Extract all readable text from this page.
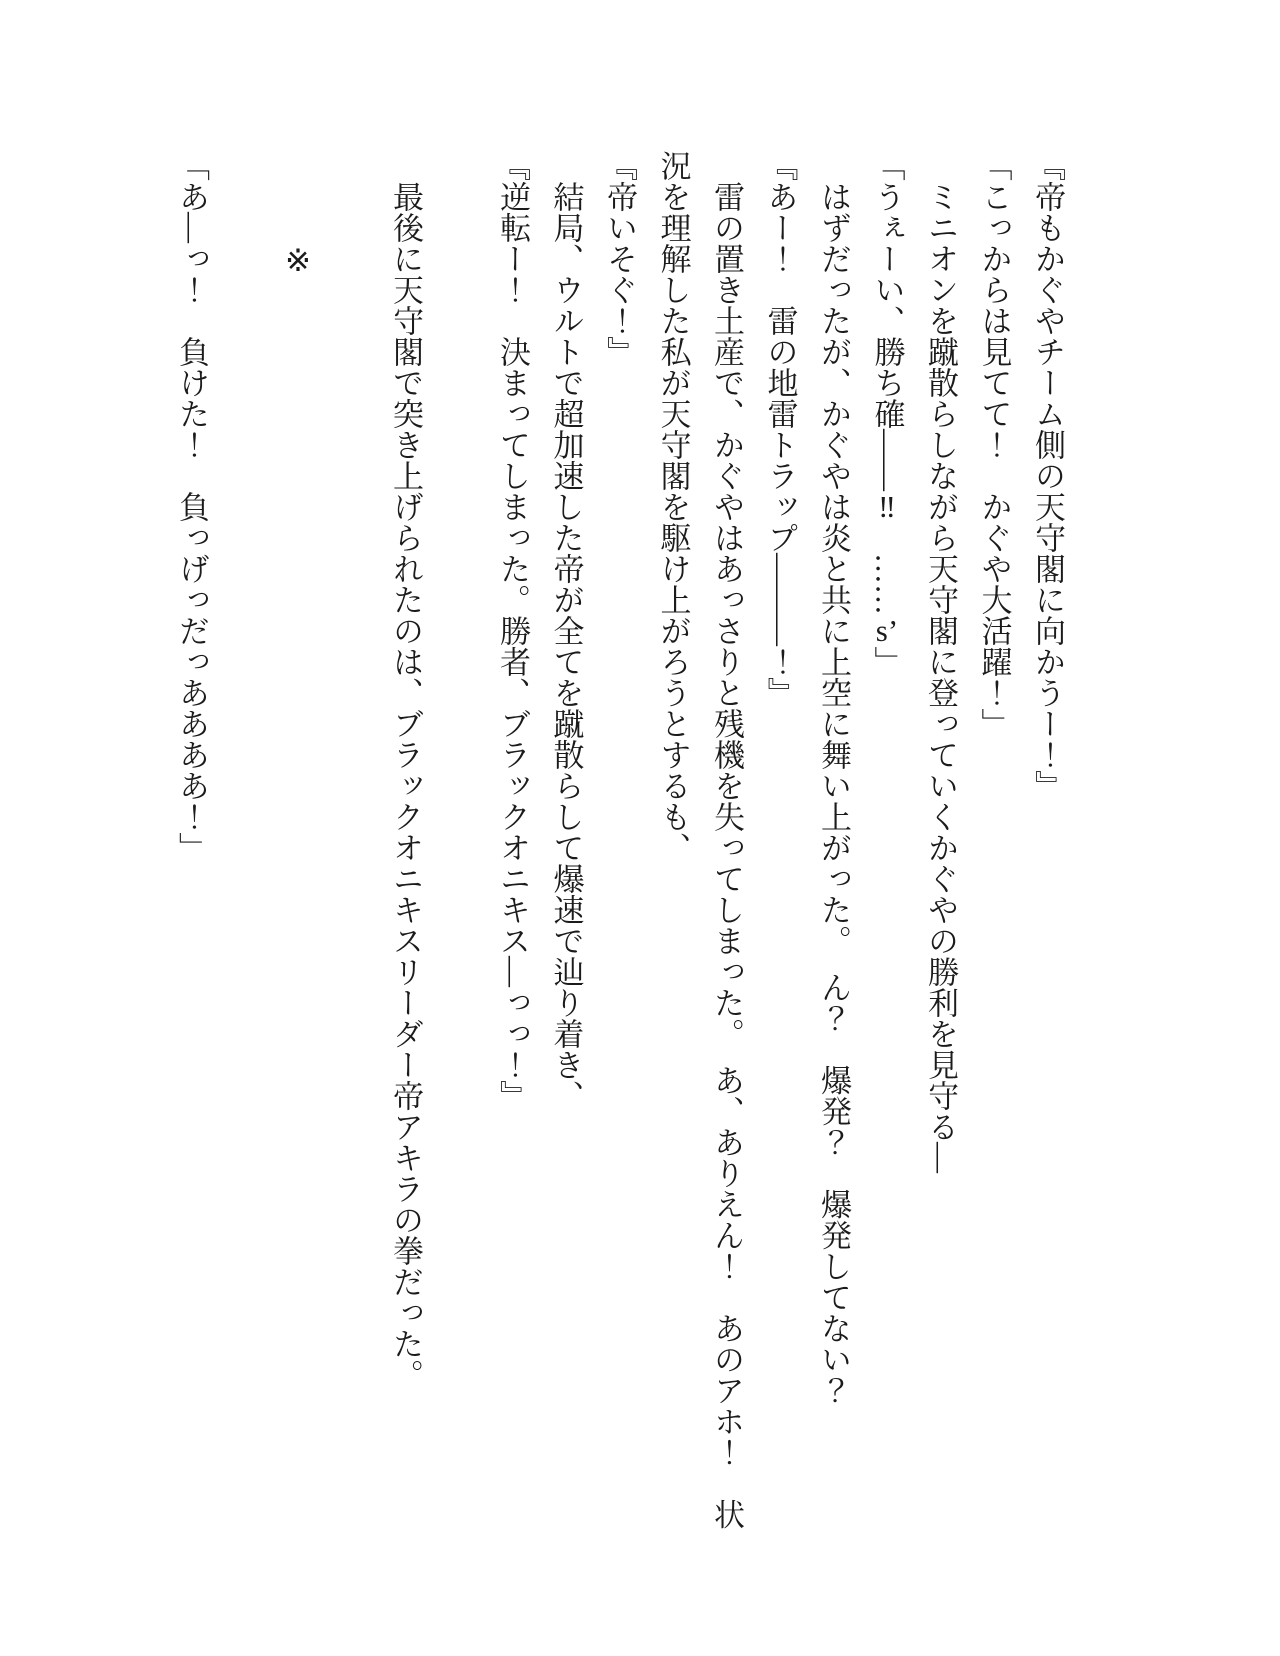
『帝もかぐやチーム側の天守閣に向かうー！』

「こっからは見てて！　かぐや大活躍！」

ミニオンを蹴散らしながら天守閣に登っていくかぐやの勝利を見守る―

「うぇーい、勝ち確――‼　……s’」

はずだったが、かぐやは炎と共に上空に舞い上がった。　ん？　爆発？　爆発してない？

『あー！　雷の地雷トラップ―――！』

雷の置き土産で、かぐやはあっさりと残機を失ってしまった。　あ、ありえん！　あのアホ！　状況を理解した私が天守閣を駆け上がろうとするも、

『帝いそぐ！』

結局、ウルトで超加速した帝が全てを蹴散らして爆速で辿り着き、

『逆転ー！　決まってしまった。勝者、ブラックオニキス―っっ！』

最後に天守閣で突き上げられたのは、ブラックオニキスリーダー帝アキラの拳だった。

※

「あ―っ！　負けた！　負っげっだっああああ！」
